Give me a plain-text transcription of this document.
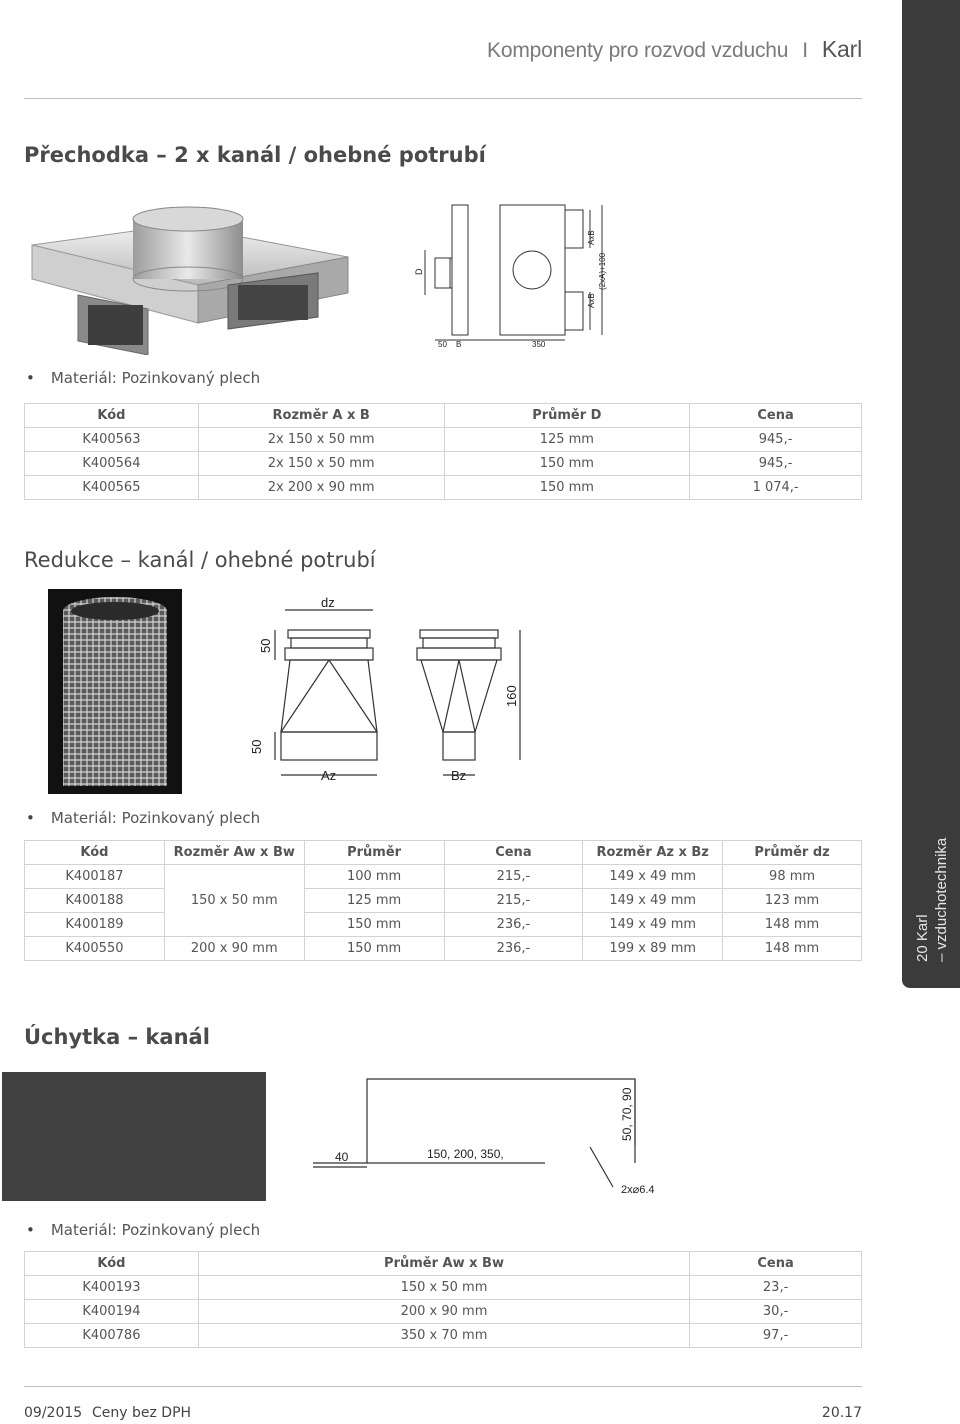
Komponenty pro rozvod vzduchu I Karl
20 Karl – vzduchotechnika
Přechodka – 2 x kanál / ohebné potrubí
D
AxB
AxB
(2xA)+100
50 B	350
• Materiál: Pozinkovaný plech
Kód	Rozměr A x B	Průměr D	Cena
K400563	2x 150 x 50 mm	125 mm	945,-
K400564	2x 150 x 50 mm	150 mm	945,-
K400565	2x 200 x 90 mm	150 mm	1 074,-
Redukce – kanál / ohebné potrubí
dz
50
50
160
Az	Bz
• Materiál: Pozinkovaný plech
Kód	Rozměr Aw x Bw	Průměr	Cena	Rozměr Az x Bz	Průměr dz
K400187	150 x 50 mm	100 mm	215,-	149 x 49 mm	98 mm
K400188		125 mm	215,-	149 x 49 mm	123 mm
K400189		150 mm	236,-	149 x 49 mm	148 mm
K400550	200 x 90 mm	150 mm	236,-	199 x 89 mm	148 mm
Úchytka – kanál
40	150, 200, 350,
50, 70, 90
2x⌀6.4
• Materiál: Pozinkovaný plech
Kód	Průměr Aw x Bw	Cena
K400193	150 x 50 mm	23,-
K400194	200 x 90 mm	30,-
K400786	350 x 70 mm	97,-
09/2015 Ceny bez DPH	20.17
